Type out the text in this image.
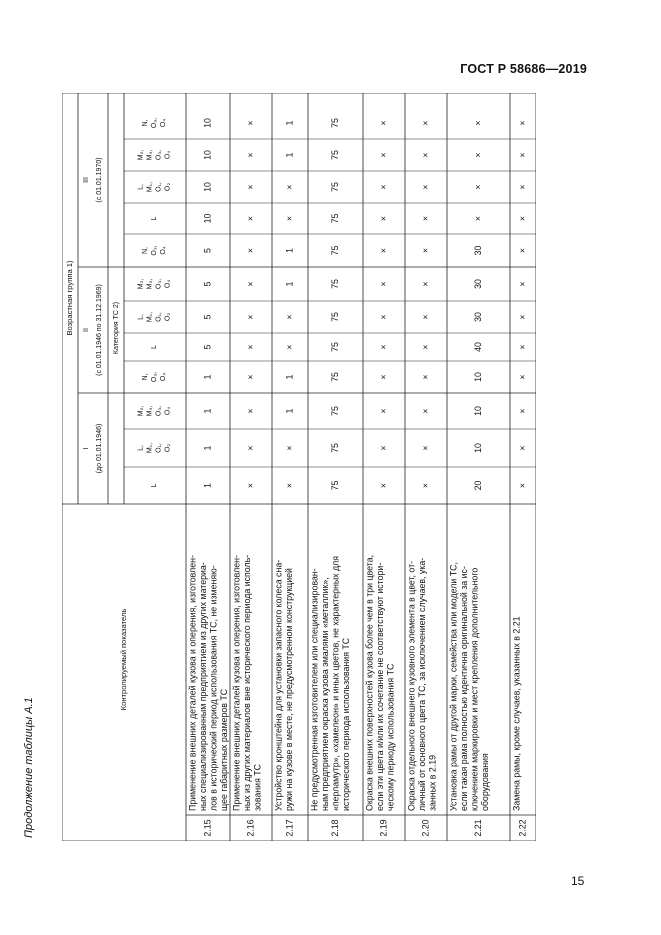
ГОСТ Р 58686—2019
Продолжение таблицы А.1
Возрастная группа 1)
I (до 01.01.1946)
II (с 01.01.1946 по 31.12.1969)
III (с 01.01.1970)
Категория ТС 2)
L
L, M₁, O₁, O₂
M₂, M₃, O₃, O₄
N, O₃, O₄
L
L, M₁, O₁, O₂
M₂, M₃, O₃, O₄
N, O₃, O₄
L
L, M₁, O₁, O₂
M₂, M₃, O₃, O₄
N, O₃, O₄
Контролируемый показатель
2.15
Применение внешних деталей кузова и оперения, изготовлен- ных специализированным предприятием из других материа- лов в исторический период использования ТС, не изменяю- щее габаритных размеров ТС
1
1
1
1
5
5
5
5
10
10
10
10
2.16
Применение внешних деталей кузова и оперения, изготовлен- ных из других материалов вне исторического периода исполь- зования ТС
×
×
×
×
×
×
×
×
×
×
×
×
2.17
Устройство кронштейна для установки запасного колеса сна- ружи на кузове в месте, не предусмотренном конструкцией
×
×
1
1
×
×
1
1
×
×
1
1
2.18
Не предусмотренная изготовителем или специализирован- ным предприятием окраска кузова эмалями «металлик», «перламутр», «хамелеон» и иных цветов, не характерных для исторического периода использования ТС
75
75
75
75
75
75
75
75
75
75
75
75
2.19
Окраска внешних поверхностей кузова более чем в три цвета, если эти цвета и/или их сочетание не соответствуют истори- ческому периоду использования ТС
×
×
×
×
×
×
×
×
×
×
×
×
2.20
Окраска отдельного внешнего кузовного элемента в цвет, от- личный от основного цвета ТС, за исключением случаев, ука- занных в 2.19
×
×
×
×
×
×
×
×
×
×
×
×
2.21
Установка рамы от другой марки, семейства или модели ТС, если такая рама полностью идентична оригинальной за ис- ключением маркировки и мест крепления дополнительного оборудования
20
10
10
10
40
30
30
30
×
×
×
×
2.22
Замена рамы, кроме случаев, указанных в 2.21
×
×
×
×
×
×
×
×
×
×
×
×
15
